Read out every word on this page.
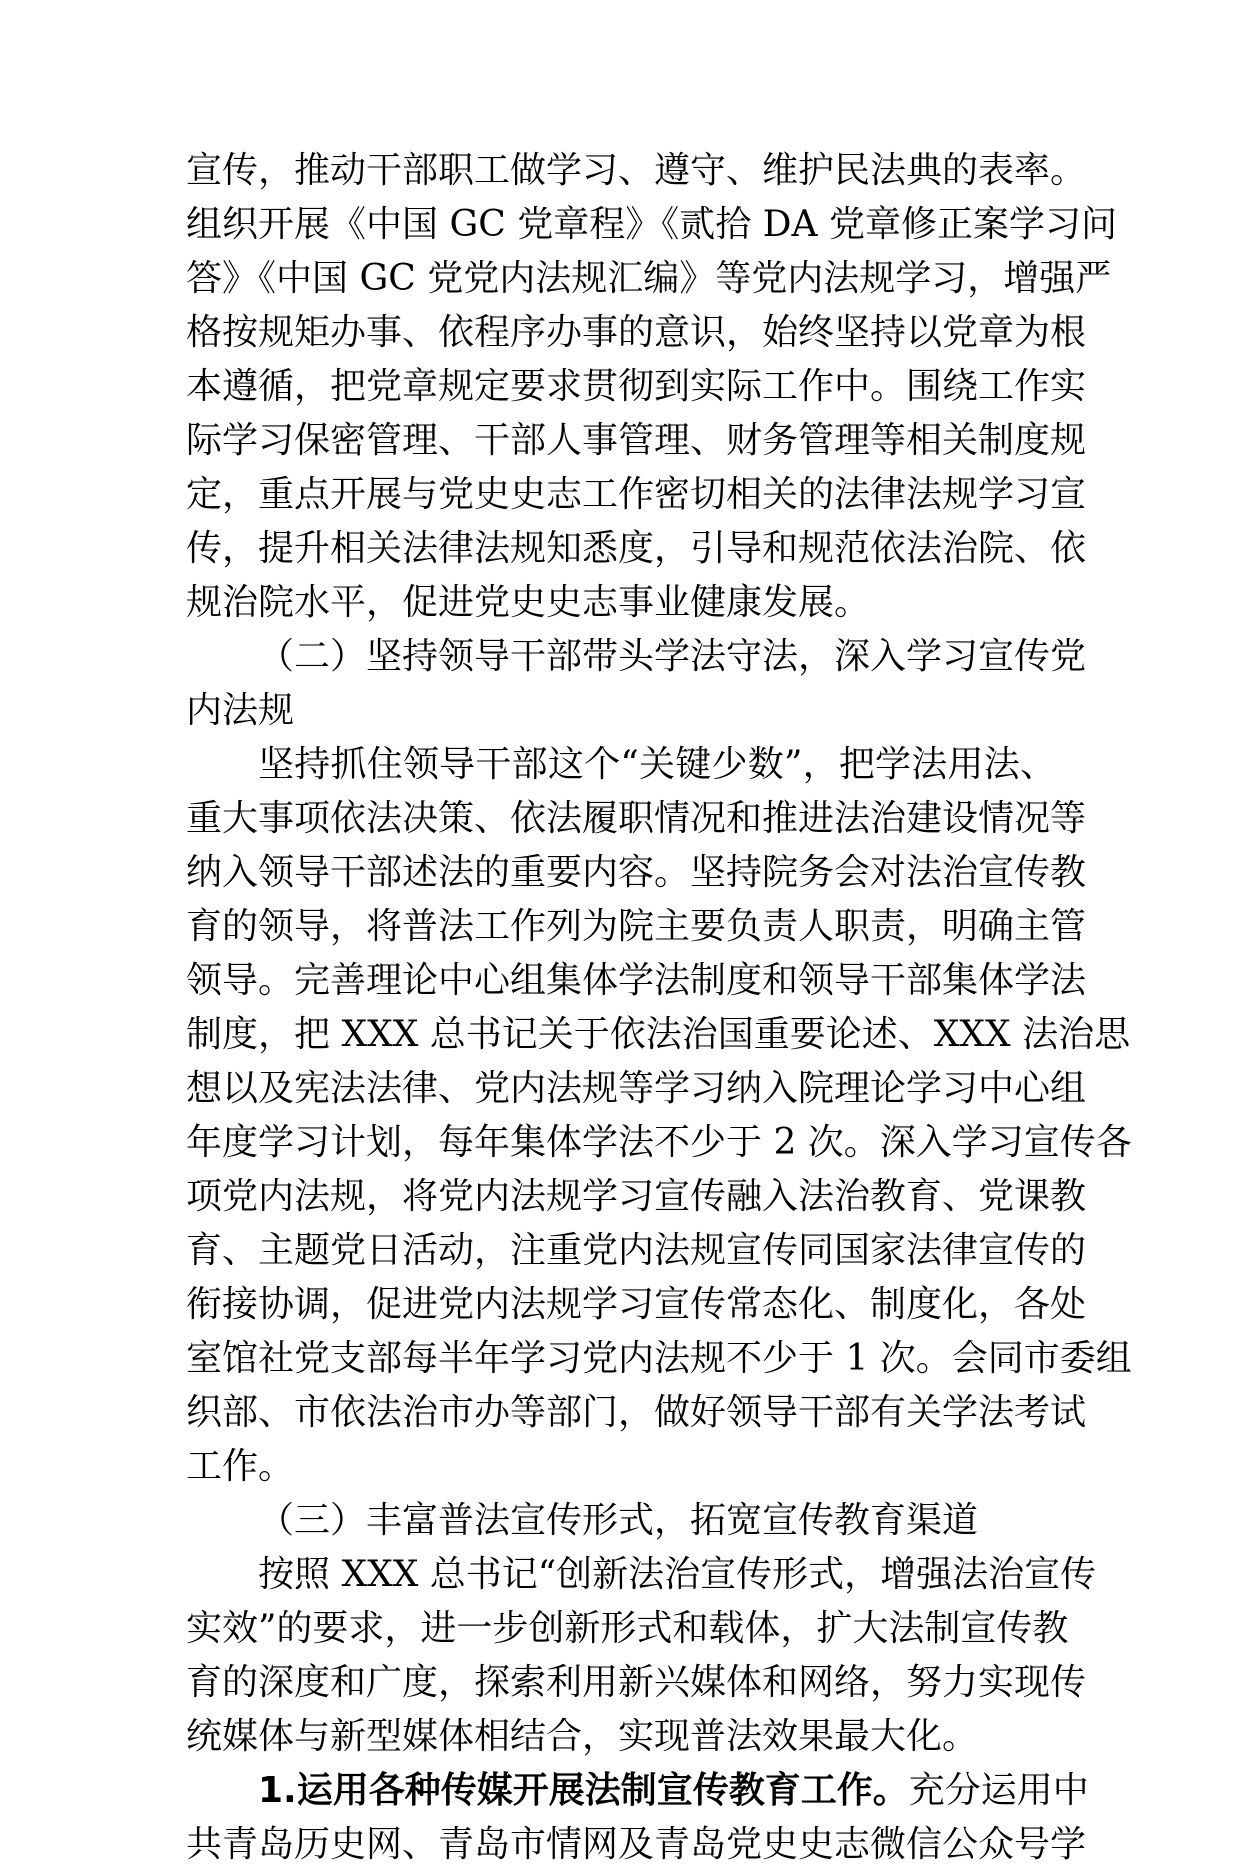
宣传，推动干部职工做学习、遵守、维护民法典的表率。
组织开展《中国 GC 党章程》《贰拾 DA 党章修正案学习问
答》《中国 GC 党党内法规汇编》等党内法规学习，增强严
格按规矩办事、依程序办事的意识，始终坚持以党章为根
本遵循，把党章规定要求贯彻到实际工作中。围绕工作实
际学习保密管理、干部人事管理、财务管理等相关制度规
定，重点开展与党史史志工作密切相关的法律法规学习宣
传，提升相关法律法规知悉度，引导和规范依法治院、依
规治院水平，促进党史史志事业健康发展。
（二）坚持领导干部带头学法守法，深入学习宣传党
内法规
坚持抓住领导干部这个“关键少数”，把学法用法、
重大事项依法决策、依法履职情况和推进法治建设情况等
纳入领导干部述法的重要内容。坚持院务会对法治宣传教
育的领导，将普法工作列为院主要负责人职责，明确主管
领导。完善理论中心组集体学法制度和领导干部集体学法
制度，把 XXX 总书记关于依法治国重要论述、XXX 法治思
想以及宪法法律、党内法规等学习纳入院理论学习中心组
年度学习计划，每年集体学法不少于 2 次。深入学习宣传各
项党内法规，将党内法规学习宣传融入法治教育、党课教
育、主题党日活动，注重党内法规宣传同国家法律宣传的
衔接协调，促进党内法规学习宣传常态化、制度化，各处
室馆社党支部每半年学习党内法规不少于 1 次。会同市委组
织部、市依法治市办等部门，做好领导干部有关学法考试
工作。
（三）丰富普法宣传形式，拓宽宣传教育渠道
按照 XXX 总书记“创新法治宣传形式，增强法治宣传
实效”的要求，进一步创新形式和载体，扩大法制宣传教
育的深度和广度，探索利用新兴媒体和网络，努力实现传
统媒体与新型媒体相结合，实现普法效果最大化。
1.运用各种传媒开展法制宣传教育工作。充分运用中
共青岛历史网、青岛市情网及青岛党史史志微信公众号学
